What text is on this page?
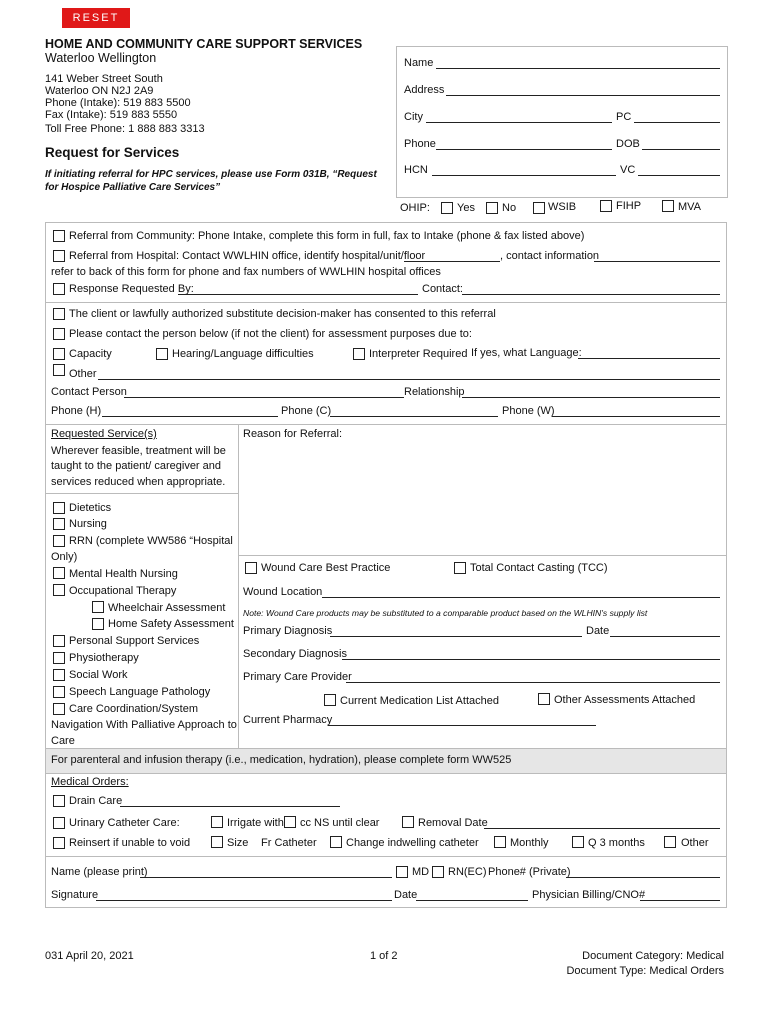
RESET
HOME AND COMMUNITY CARE SUPPORT SERVICES
Waterloo Wellington
141 Weber Street South
Waterloo ON N2J 2A9
Phone (Intake): 519 883 5500
Fax (Intake): 519 883 5550
Toll Free Phone: 1 888 883 3313
Request for Services
If initiating referral for HPC services, please use Form 031B, “Request for Hospice Palliative Care Services”
Name
Address
City	PC
Phone	DOB
HCN	VC
OHIP: Yes No	WSIB	FIHP	MVA
Referral from Community: Phone Intake, complete this form in full, fax to Intake (phone & fax listed above)
Referral from Hospital: Contact WWLHIN office, identify hospital/unit/floor	, contact information
refer to back of this form for phone and fax numbers of WWLHIN hospital offices
Response Requested By:	Contact:
The client or lawfully authorized substitute decision-maker has consented to this referral
Please contact the person below (if not the client) for assessment purposes due to:
Capacity	Hearing/Language difficulties	Interpreter Required If yes, what Language:
Other
Contact Person	Relationship
Phone (H)	Phone (C)	Phone (W)
Requested Service(s)
Wherever feasible, treatment will be
taught to the patient/ caregiver and
services reduced when appropriate.
Reason for Referral:
Dietetics
Nursing
RRN (complete WW586 “Hospital
Only)
Mental Health Nursing
Occupational Therapy
Wheelchair Assessment
Home Safety Assessment
Personal Support Services
Physiotherapy
Social Work
Speech Language Pathology
Care Coordination/System
Navigation With Palliative Approach to
Care
Wound Care Best Practice	Total Contact Casting (TCC)
Wound Location
Note: Wound Care products may be substituted to a comparable product based on the WLHIN's supply list
Primary Diagnosis	Date
Secondary Diagnosis
Primary Care Provider
Current Medication List Attached	Other Assessments Attached
Current Pharmacy
For parenteral and infusion therapy (i.e., medication, hydration), please complete form WW525
Medical Orders:
Drain Care
Urinary Catheter Care:	Irrigate with cc NS until clear	Removal Date
Reinsert if unable to void	Size Fr Catheter	Change indwelling catheter	Monthly	Q 3 months	Other
Name (please print)	MD RN(EC) Phone# (Private)
Signature	Date	Physician Billing/CNO#
031 April 20, 2021	1 of 2	Document Category: Medical
Document Type: Medical Orders
